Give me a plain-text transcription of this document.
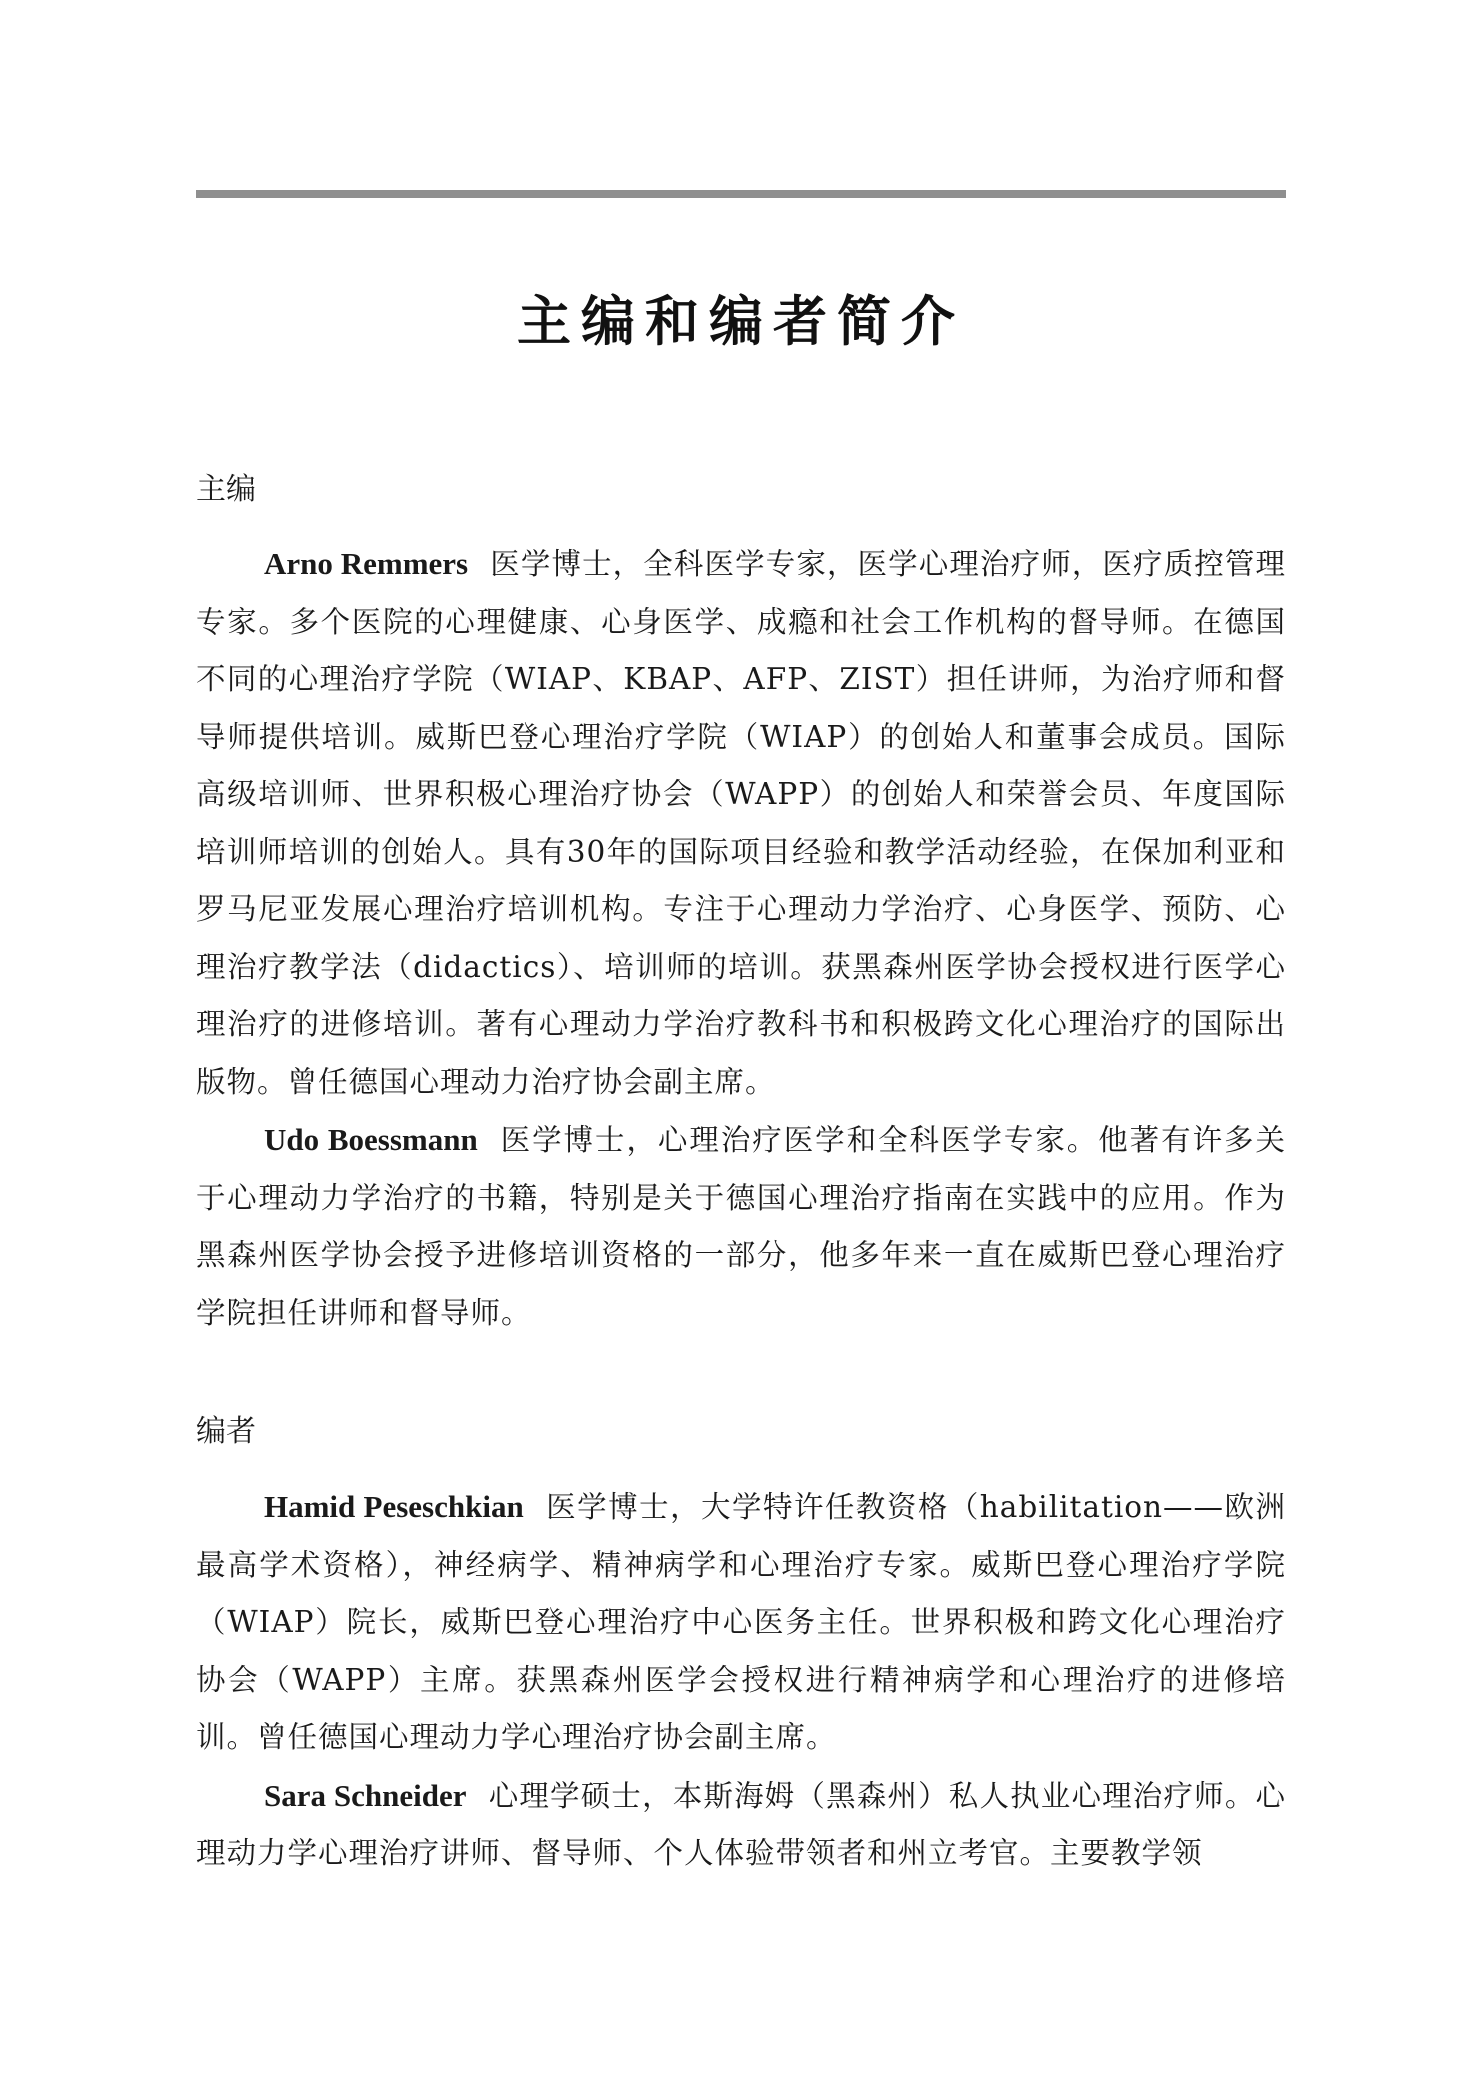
主编和编者简介
主编

Arno Remmers 医学博士，全科医学专家，医学心理治疗师，医疗质控管理专家。多个医院的心理健康、心身医学、成瘾和社会工作机构的督导师。在德国不同的心理治疗学院（WIAP、KBAP、AFP、ZIST）担任讲师，为治疗师和督导师提供培训。威斯巴登心理治疗学院（WIAP）的创始人和董事会成员。国际高级培训师、世界积极心理治疗协会（WAPP）的创始人和荣誉会员、年度国际培训师培训的创始人。具有30年的国际项目经验和教学活动经验，在保加利亚和罗马尼亚发展心理治疗培训机构。专注于心理动力学治疗、心身医学、预防、心理治疗教学法（didactics）、培训师的培训。获黑森州医学协会授权进行医学心理治疗的进修培训。著有心理动力学治疗教科书和积极跨文化心理治疗的国际出版物。曾任德国心理动力治疗协会副主席。

Udo Boessmann 医学博士，心理治疗医学和全科医学专家。他著有许多关于心理动力学治疗的书籍，特别是关于德国心理治疗指南在实践中的应用。作为黑森州医学协会授予进修培训资格的一部分，他多年来一直在威斯巴登心理治疗学院担任讲师和督导师。

编者

Hamid Peseschkian 医学博士，大学特许任教资格（habilitation——欧洲最高学术资格），神经病学、精神病学和心理治疗专家。威斯巴登心理治疗学院（WIAP）院长，威斯巴登心理治疗中心医务主任。世界积极和跨文化心理治疗协会（WAPP）主席。获黑森州医学会授权进行精神病学和心理治疗的进修培训。曾任德国心理动力学心理治疗协会副主席。

Sara Schneider 心理学硕士，本斯海姆（黑森州）私人执业心理治疗师。心理动力学心理治疗讲师、督导师、个人体验带领者和州立考官。主要教学领
